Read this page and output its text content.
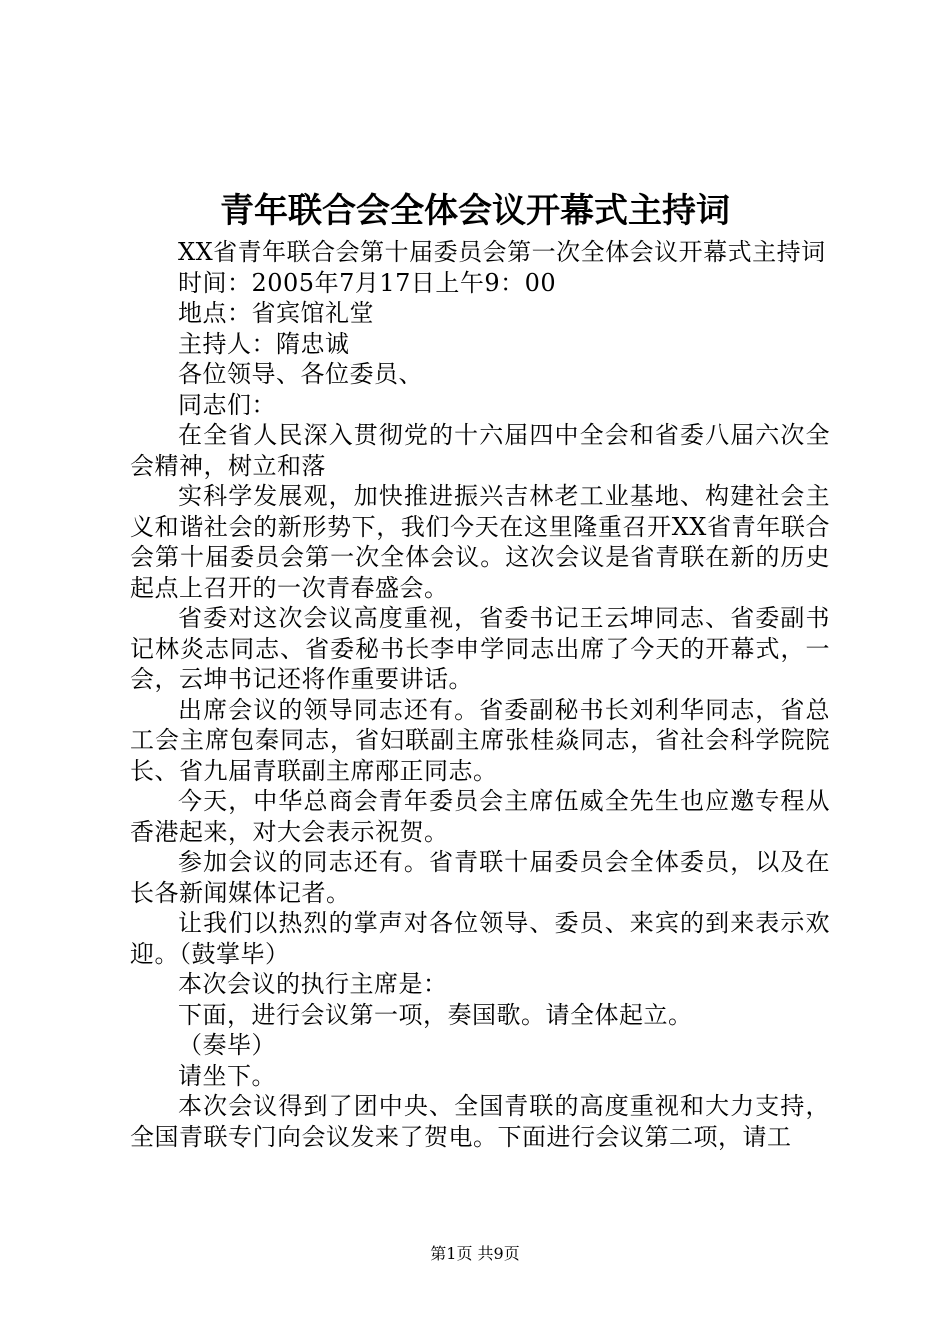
青年联合会全体会议开幕式主持词

XX省青年联合会第十届委员会第一次全体会议开幕式主持词

时间：2005年7月17日上午9：00

地点：省宾馆礼堂

主持人：隋忠诚

各位领导、各位委员、

同志们：

在全省人民深入贯彻党的十六届四中全会和省委八届六次全会精神，树立和落

实科学发展观，加快推进振兴吉林老工业基地、构建社会主义和谐社会的新形势下，我们今天在这里隆重召开XX省青年联合会第十届委员会第一次全体会议。这次会议是省青联在新的历史起点上召开的一次青春盛会。

省委对这次会议高度重视，省委书记王云坤同志、省委副书记林炎志同志、省委秘书长李申学同志出席了今天的开幕式，一会，云坤书记还将作重要讲话。

出席会议的领导同志还有。省委副秘书长刘利华同志，省总工会主席包秦同志，省妇联副主席张桂焱同志，省社会科学院院长、省九届青联副主席邴正同志。

今天，中华总商会青年委员会主席伍威全先生也应邀专程从香港起来，对大会表示祝贺。

参加会议的同志还有。省青联十届委员会全体委员，以及在长各新闻媒体记者。

让我们以热烈的掌声对各位领导、委员、来宾的到来表示欢迎。（鼓掌毕）

本次会议的执行主席是：

下面，进行会议第一项，奏国歌。请全体起立。

（奏毕）

请坐下。

本次会议得到了团中央、全国青联的高度重视和大力支持，全国青联专门向会议发来了贺电。下面进行会议第二项，请工

第1页 共9页
